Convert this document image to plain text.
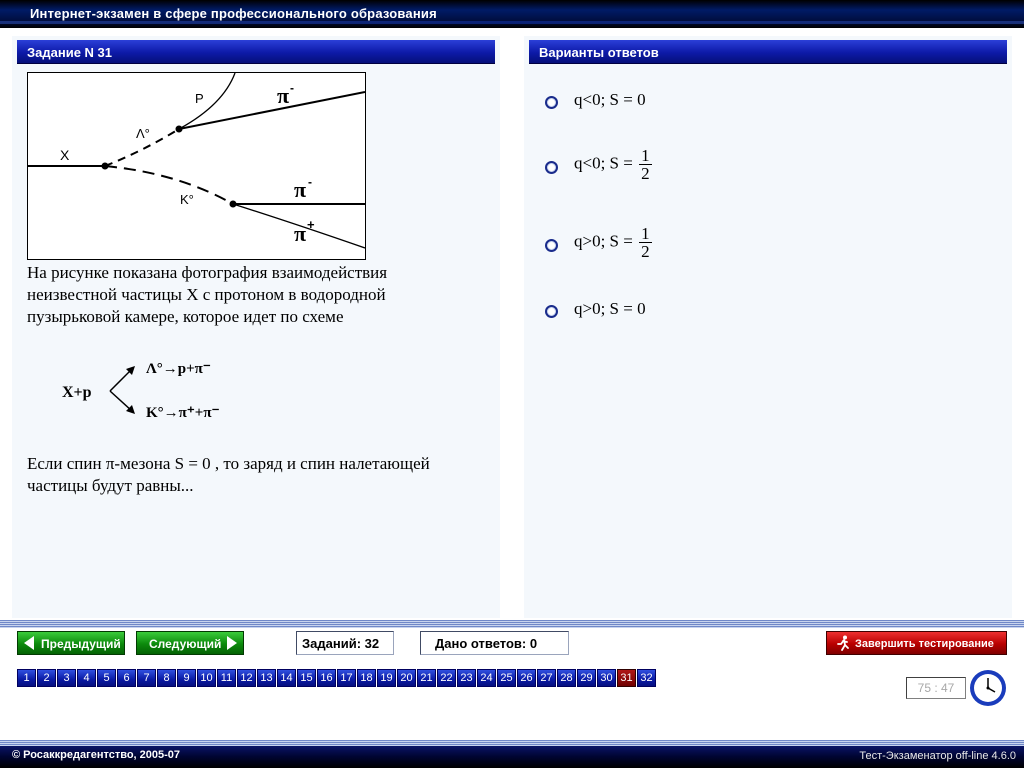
Интернет-экзамен в сфере профессионального образования
Задание N 31	Варианты ответов
X
P
Λ°
K°
π -
π -
π +
На рисунке показана фотография взаимодействия
неизвестной частицы X с протоном в водородной
пузырьковой камере, которое идет по схеме
X+p
Λ°→p+π⁻
K°→π⁺+π⁻
Если спин π-мезона S = 0 , то заряд и спин налетающей
частицы будут равны...
q<0; S = 0
q<0; $S = \frac{1}{2}$
q>0; $S = \frac{1}{2}$
q>0; S = 0
Предыдущий Следующий	Заданий: 32	Дано ответов: 0	Завершить тестирование
1	2	3	4	5	6	7	8	9 10 11 12 13 14 15 16 17 18 19 20 21 22 23 24 25 26 27 28 29 30 31 32
75 : 47
© Росаккредагентство, 2005-07	Тест-Экзаменатор off-line 4.6.0
